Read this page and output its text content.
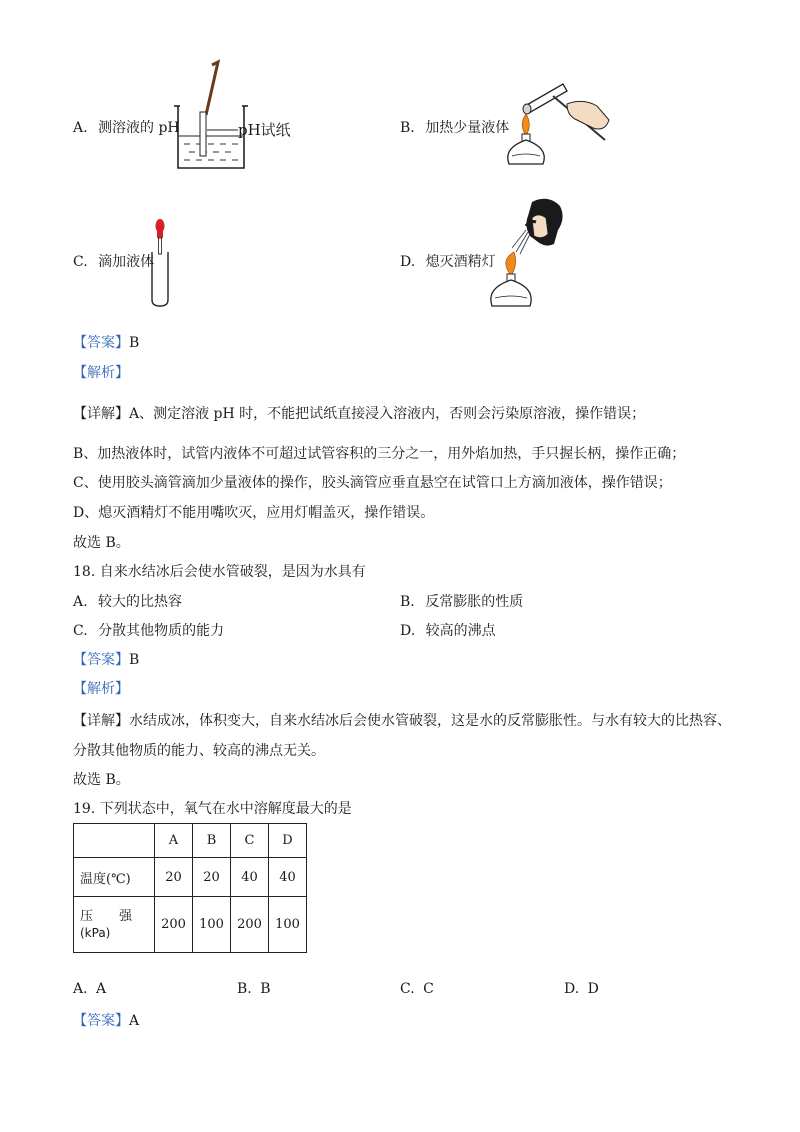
A. 测溶液的 pH	pH试纸	B. 加热少量液体
C. 滴加液体	D. 熄灭酒精灯
【答案】B
【解析】
【详解】A、测定溶液 pH 时，不能把试纸直接浸入溶液内，否则会污染原溶液，操作错误；
B、加热液体时，试管内液体不可超过试管容积的三分之一，用外焰加热，手只握长柄，操作正确；
C、使用胶头滴管滴加少量液体的操作，胶头滴管应垂直悬空在试管口上方滴加液体，操作错误；
D、熄灭酒精灯不能用嘴吹灭，应用灯帽盖灭，操作错误。
故选 B。
18. 自来水结冰后会使水管破裂，是因为水具有
A. 较大的比热容	B. 反常膨胀的性质
C. 分散其他物质的能力	D. 较高的沸点
【答案】B
【解析】
【详解】水结成冰，体积变大，自来水结冰后会使水管破裂，这是水的反常膨胀性。与水有较大的比热容、
分散其他物质的能力、较高的沸点无关。
故选 B。
19. 下列状态中，氧气在水中溶解度最大的是
	A	B	C	D
温度(℃)	20	20	40	40

压　　强
(kPa)	200	100	200	100
A. A	B. B	C. C	D. D
【答案】A
